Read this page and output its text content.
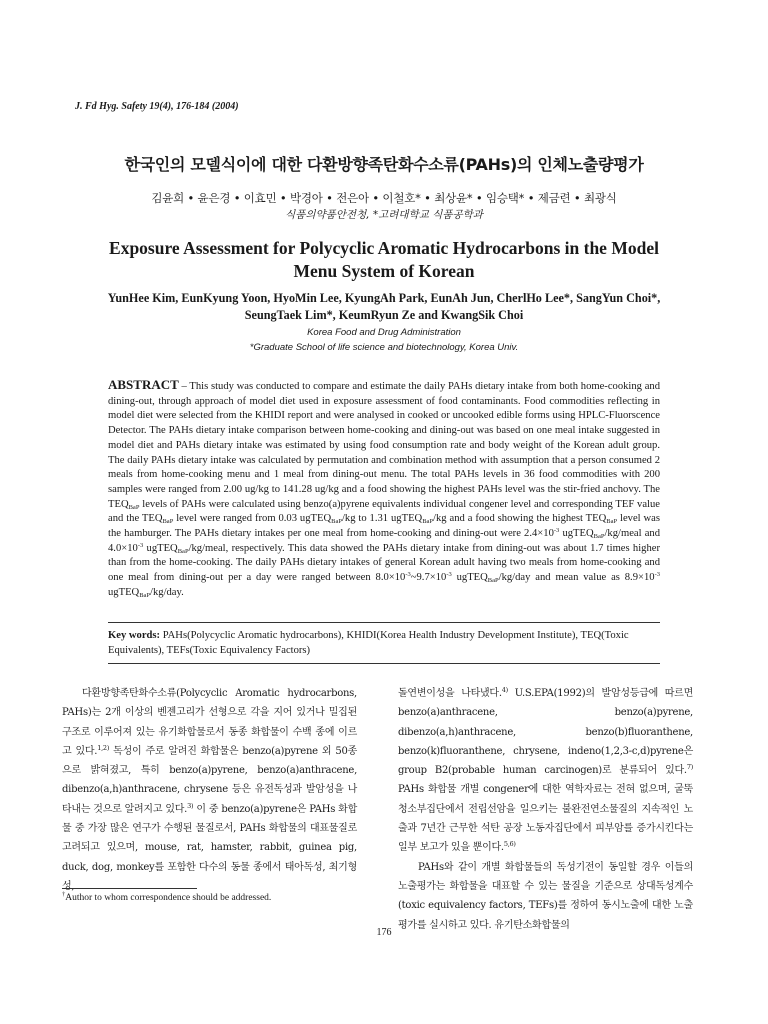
J. Fd Hyg. Safety 19(4), 176-184 (2004)
한국인의 모델식이에 대한 다환방향족탄화수소류(PAHs)의 인체노출량평가
김윤희 • 윤은경 • 이효민 • 박경아 • 전은아 • 이철호* • 최상윤* • 임승택* • 제금련 • 최광식
식품의약품안전청, *고려대학교 식품공학과
Exposure Assessment for Polycyclic Aromatic Hydrocarbons in the Model Menu System of Korean
YunHee Kim, EunKyung Yoon, HyoMin Lee, KyungAh Park, EunAh Jun, CherlHo Lee*, SangYun Choi*, SeungTaek Lim*, KeumRyun Ze and KwangSik Choi
Korea Food and Drug Administration
*Graduate School of life science and biotechnology, Korea Univ.
ABSTRACT – This study was conducted to compare and estimate the daily PAHs dietary intake from both home-cooking and dining-out, through approach of model diet used in exposure assessment of food contaminants. Food commodities reflecting in model diet were selected from the KHIDI report and were analysed in cooked or uncooked edible forms using HPLC-Fluorscence Detector. The PAHs dietary intake comparison between home-cooking and dining-out was based on one meal intake suggested in model diet and PAHs dietary intake was estimated by using food consumption rate and body weight of the Korean adult group. The daily PAHs dietary intake was calculated by permutation and combination method with assumption that a person consumed 2 meals from home-cooking menu and 1 meal from dining-out menu. The total PAHs levels in 36 food commodities with 200 samples were ranged from 2.00 ug/kg to 141.28 ug/kg and a food showing the highest PAHs level was the stir-fried anchovy. The $TEQ_{BaP}$ levels of PAHs were calculated using benzo(a)pyrene equivalents individual congener level and corresponding TEF value and the $TEQ_{BaP}$ level were ranged from 0.03 ugTEQ$_{BaP}$/kg to 1.31 ugTEQ$_{BaP}$/kg and a food showing the highest $TEQ_{BaP}$ level was the hamburger. The PAHs dietary intakes per one meal from home-cooking and dining-out were $2.4\times 10^{-3}$ ugTEQ$_{BaP}$/kg/meal and $4.0\times 10^{-3}$ ugTEQ$_{BaP}$/kg/meal, respectively. This data showed the PAHs dietary intake from dining-out was about 1.7 times higher than from the home-cooking. The daily PAHs dietary intakes of general Korean adult having two meals from home-cooking and one meal from dining-out per a day were ranged between $8.0\times 10^{-3}\sim 9.7\times 10^{-3}$ ugTEQ$_{BaP}$/kg/day and mean value as $8.9\times 10^{-3}$ ugTEQ$_{BaP}$/kg/day.
Key words: PAHs(Polycyclic Aromatic hydrocarbons), KHIDI(Korea Health Industry Development Institute), TEQ(Toxic Equivalents), TEFs(Toxic Equivalency Factors)

다환방향족탄화수소류(Polycyclic Aromatic hydrocarbons, PAHs)는 2개 이상의 벤젠고리가 선형으로 각을 지어 있거나 밀집된 구조로 이루어져 있는 유기화합물로서 동종 화합물이 수백 종에 이르고 있다.$^{1,2)}$ 독성이 주로 알려진 화합물은 benzo(a)pyrene 외 50종으로 밝혀졌고, 특히 benzo(a)pyrene, benzo(a)anthracene, dibenzo(a,h)anthracene, chrysene 등은 유전독성과 발암성을 나타내는 것으로 알려지고 있다.$^{3)}$ 이 중 benzo(a)pyrene은 PAHs 화합물 중 가장 많은 연구가 수행된 물질로서, PAHs 화합물의 대표물질로 고려되고 있으며, mouse, rat, hamster, rabbit, guinea pig, duck, dog, monkey를 포함한 다수의 동물 종에서 태아독성, 최기형성,

돌연변이성을 나타냈다.$^{4)}$ U.S.EPA(1992)의 발암성등급에 따르면 benzo(a)anthracene, benzo(a)pyrene, dibenzo(a,h)anthracene, benzo(b)fluoranthene, benzo(k)fluoranthene, chrysene, indeno(1,2,3-c,d)pyrene은 group B2(probable human carcinogen)로 분류되어 있다.$^{7)}$ PAHs 화합물 개별 congener에 대한 역학자료는 전혀 없으며, 굴뚝청소부집단에서 전립선암을 일으키는 불완전연소물질의 지속적인 노출과 7년간 근무한 석탄 공장 노동자집단에서 피부암를 증가시킨다는 일부 보고가 있을 뿐이다.$^{5,6)}$

PAHs와 같이 개별 화합물들의 독성기전이 동일할 경우 이들의 노출평가는 화합물을 대표할 수 있는 물질을 기준으로 상대독성계수(toxic equivalency factors, TEFs)를 정하여 동시노출에 대한 노출평가를 실시하고 있다. 유기탄소화합물의

†Author to whom correspondence should be addressed.
176
